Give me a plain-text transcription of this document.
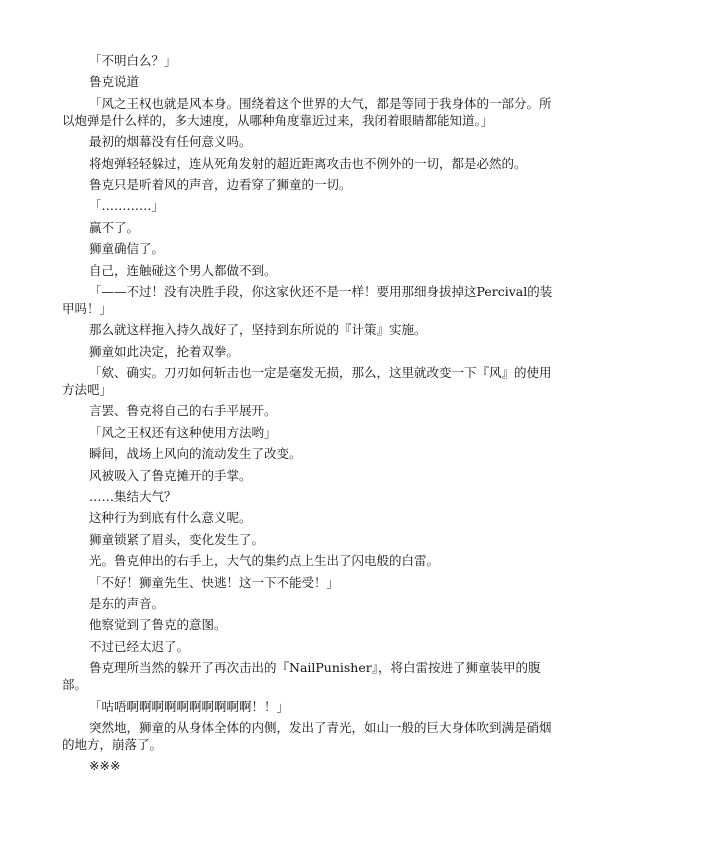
「不明白么？」

鲁克说道

「风之王权也就是风本身。围绕着这个世界的大气，都是等同于我身体的一部分。所以炮弹是什么样的，多大速度，从哪种角度靠近过来，我闭着眼睛都能知道。」

最初的烟幕没有任何意义吗。

将炮弹轻轻躲过，连从死角发射的超近距离攻击也不例外的一切，都是必然的。

鲁克只是听着风的声音，边看穿了狮童的一切。

「…………」

赢不了。

狮童确信了。

自己，连触碰这个男人都做不到。

「——不过！没有决胜手段，你这家伙还不是一样！要用那细身拔掉这Percival的装甲吗！」

那么就这样拖入持久战好了，坚持到东所说的『计策』实施。

狮童如此决定，抡着双拳。

「欸、确实。刀刃如何斩击也一定是毫发无损，那么，这里就改变一下『风』的使用方法吧」

言罢、鲁克将自己的右手平展开。

「风之王权还有这种使用方法哟」

瞬间，战场上风向的流动发生了改变。

风被吸入了鲁克摊开的手掌。

……集结大气？

这种行为到底有什么意义呢。

狮童锁紧了眉头，变化发生了。

光。鲁克伸出的右手上，大气的集约点上生出了闪电般的白雷。

「不好！狮童先生、快逃！这一下不能受！」

是东的声音。

他察觉到了鲁克的意图。

不过已经太迟了。

鲁克理所当然的躲开了再次击出的『NailPunisher』，将白雷按进了狮童装甲的腹部。

「咕唔啊啊啊啊啊啊啊啊啊啊！！」

突然地，狮童的从身体全体的内侧，发出了青光，如山一般的巨大身体吹到满是硝烟的地方，崩落了。

※※※
